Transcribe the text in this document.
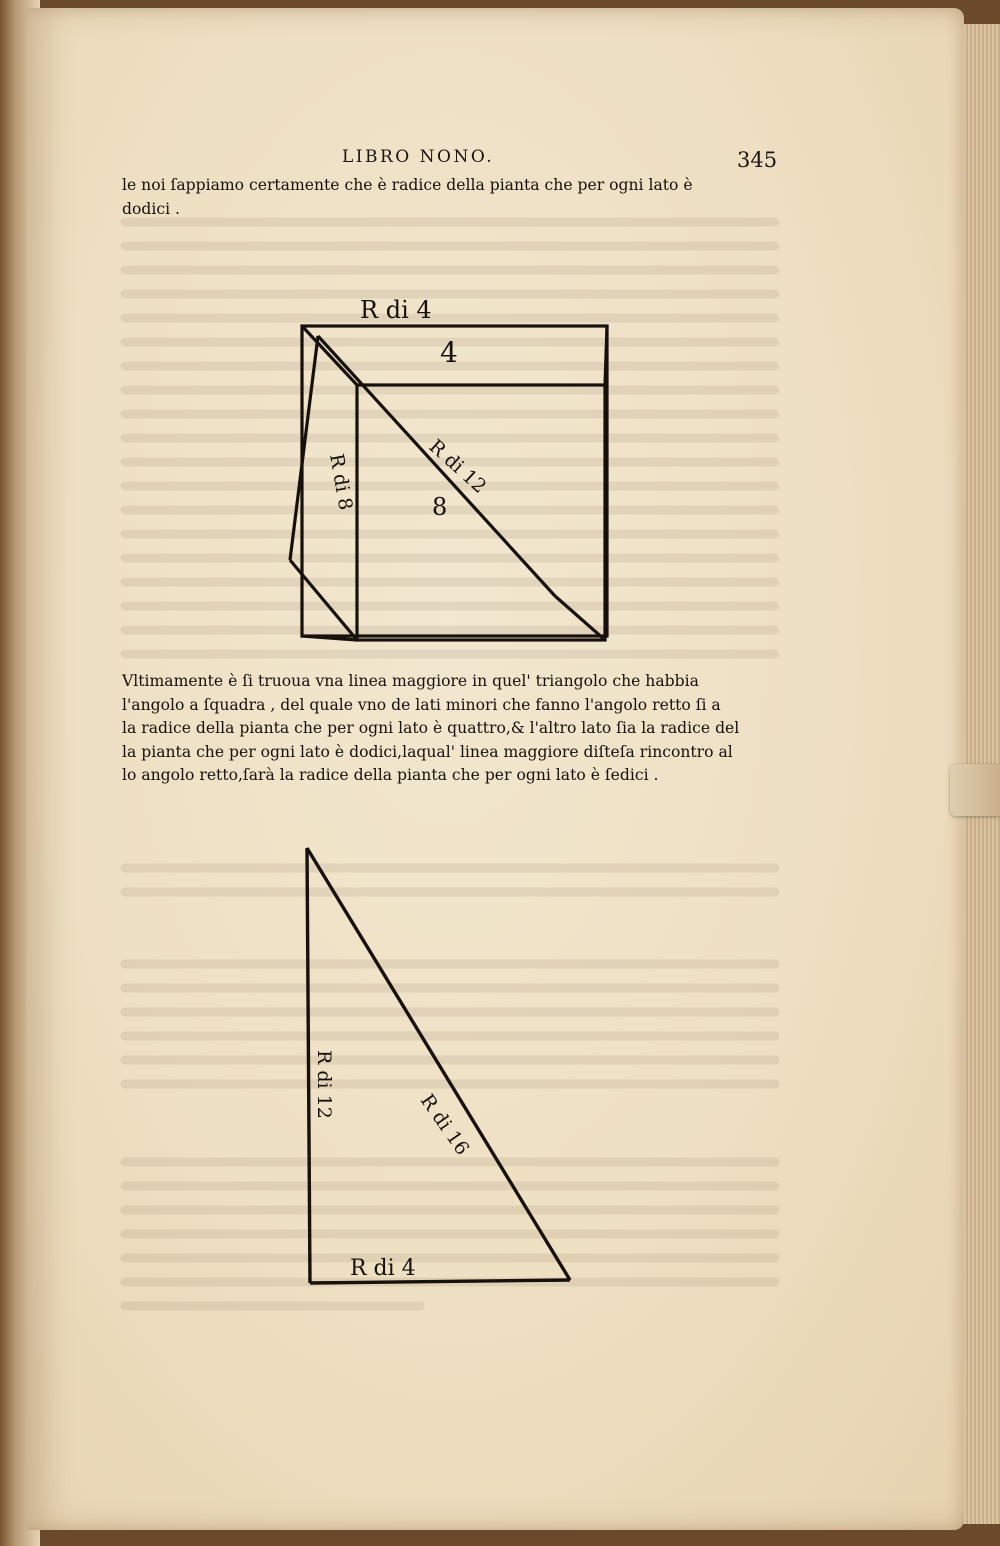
LIBRO NONO.	345
le noi ſappiamo certamente che è radice della pianta che per ogni lato è
dodici .
Vltimamente è ſi truoua vna linea maggiore in quel' triangolo che habbia
l'angolo a ſquadra , del quale vno de lati minori che fanno l'angolo retto ſi a
la radice della pianta che per ogni lato è quattro,& l'altro lato ſia la radice del
la pianta che per ogni lato è dodici,laqual' linea maggiore diſteſa rincontro al
lo angolo retto,ſarà la radice della pianta che per ogni lato è ſedici .
R di 4
4
R di 8	R di 12
8
R di 12
R di 16
R di 4
